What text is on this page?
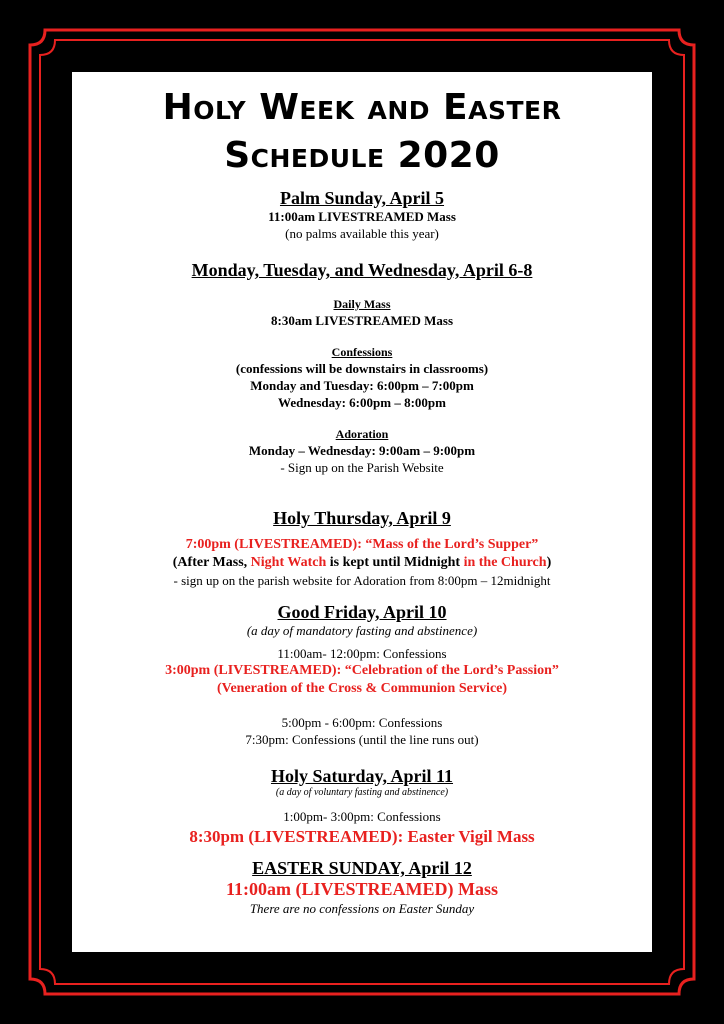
Holy Week and Easter
Schedule 2020
Palm Sunday, April 5
11:00am LIVESTREAMED Mass
(no palms available this year)
Monday, Tuesday, and Wednesday, April 6-8
Daily Mass
8:30am LIVESTREAMED Mass
Confessions
(confessions will be downstairs in classrooms)
Monday and Tuesday: 6:00pm – 7:00pm
Wednesday: 6:00pm – 8:00pm
Adoration
Monday – Wednesday: 9:00am – 9:00pm
- Sign up on the Parish Website
Holy Thursday, April 9
7:00pm (LIVESTREAMED): “Mass of the Lord’s Supper”
(After Mass, Night Watch is kept until Midnight in the Church)
- sign up on the parish website for Adoration from 8:00pm – 12midnight
Good Friday, April 10
(a day of mandatory fasting and abstinence)
11:00am- 12:00pm: Confessions
3:00pm (LIVESTREAMED): “Celebration of the Lord’s Passion”
(Veneration of the Cross & Communion Service)
5:00pm - 6:00pm: Confessions
7:30pm: Confessions (until the line runs out)
Holy Saturday, April 11
(a day of voluntary fasting and abstinence)
1:00pm- 3:00pm: Confessions
8:30pm (LIVESTREAMED): Easter Vigil Mass
EASTER SUNDAY, April 12
11:00am (LIVESTREAMED) Mass
There are no confessions on Easter Sunday
